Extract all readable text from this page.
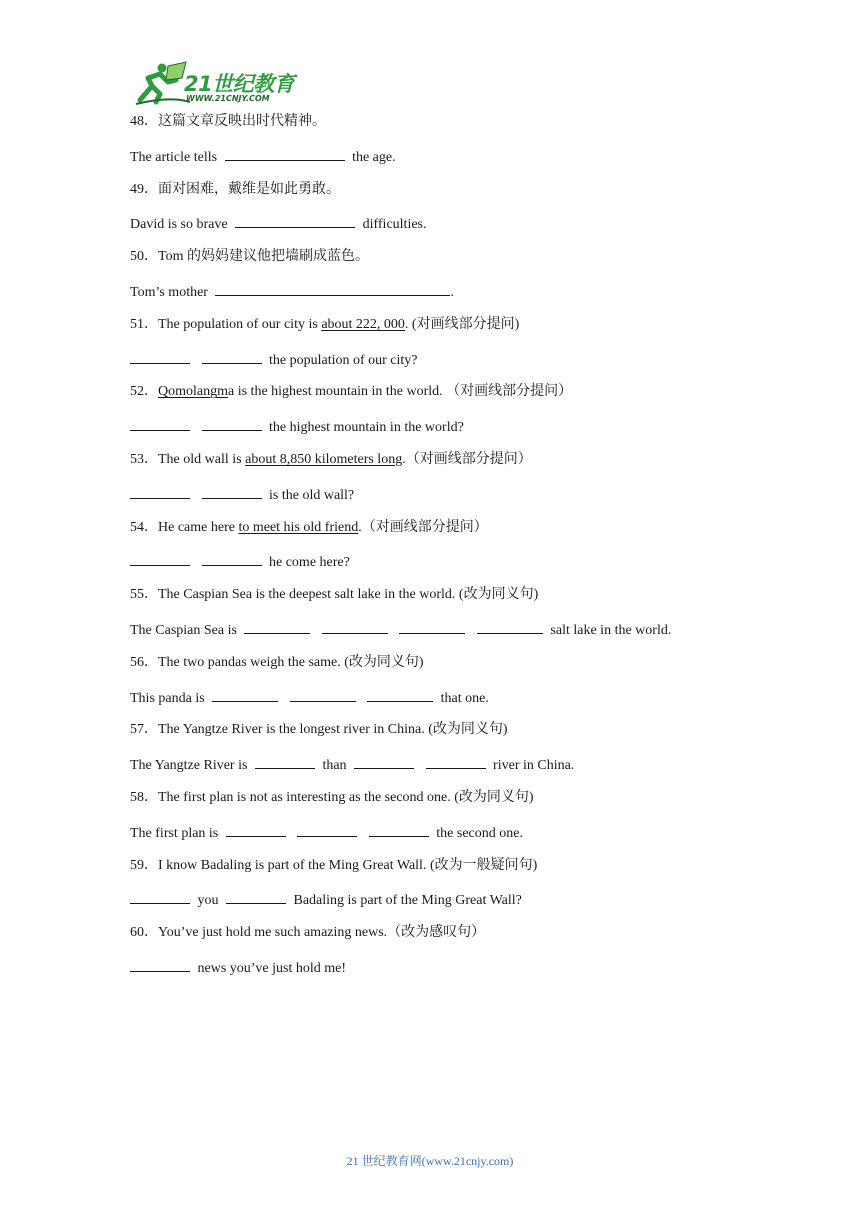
21世纪教育
WWW.21CNJY.COM
48．这篇文章反映出时代精神。
The article tells	the age.
49．面对困难，戴维是如此勇敢。
David is so brave	difficulties.
50．Tom 的妈妈建议他把墙刷成蓝色。
Tom’s mother	.
51．The population of our city is about 222, 000. (对画线部分提问)
the population of our city?
52．Qomolangma is the highest mountain in the world. （对画线部分提问）
the highest mountain in the world?
53．The old wall is about 8,850 kilometers long.（对画线部分提问）
is the old wall?
54．He came here to meet his old friend.（对画线部分提问）
he come here?
55．The Caspian Sea is the deepest salt lake in the world. (改为同义句)
The Caspian Sea is	salt lake in the world.
56．The two pandas weigh the same. (改为同义句)
This panda is	that one.
57．The Yangtze River is the longest river in China. (改为同义句)
The Yangtze River is	than	river in China.
58．The first plan is not as interesting as the second one. (改为同义句)
The first plan is	the second one.
59．I know Badaling is part of the Ming Great Wall. (改为一般疑问句)
you	Badaling is part of the Ming Great Wall?
60．You’ve just hold me such amazing news.（改为感叹句）
news you’ve just hold me!
21 世纪教育网(www.21cnjy.com)
